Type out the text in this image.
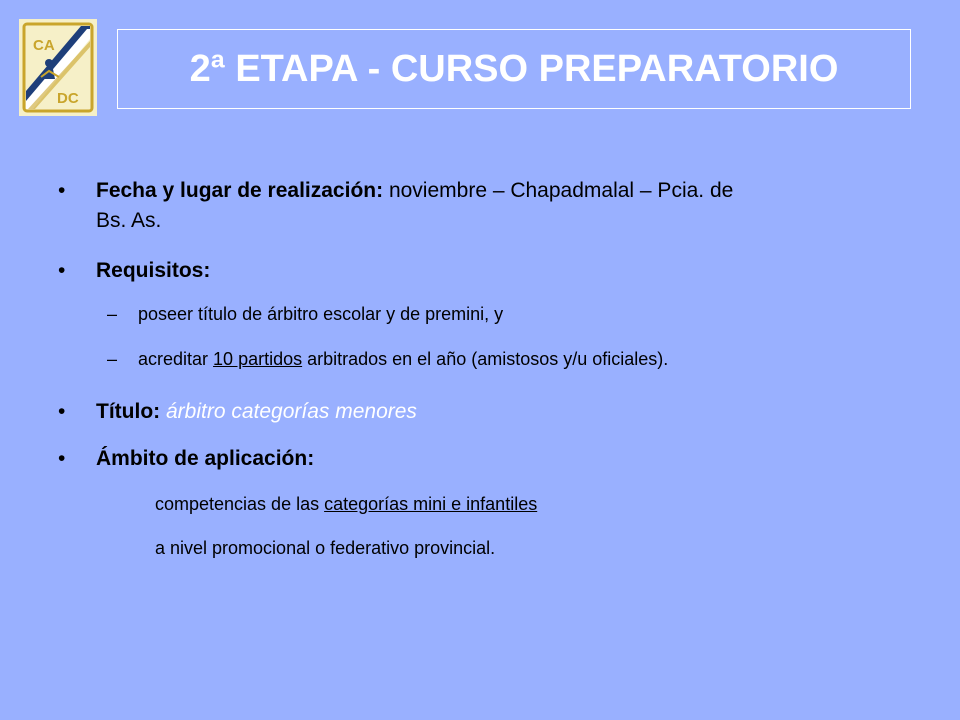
CA
DC
2ª ETAPA - CURSO PREPARATORIO
•	Fecha y lugar de realización: noviembre – Chapadmalal – Pcia. de
Bs. As.
•	Requisitos:
– poseer título de árbitro escolar y de premini, y
– acreditar 10 partidos arbitrados en el año (amistosos y/u oficiales).
•	Título: árbitro categorías menores
•	Ámbito de aplicación:
competencias de las categorías mini e infantiles
a nivel promocional o federativo provincial.
